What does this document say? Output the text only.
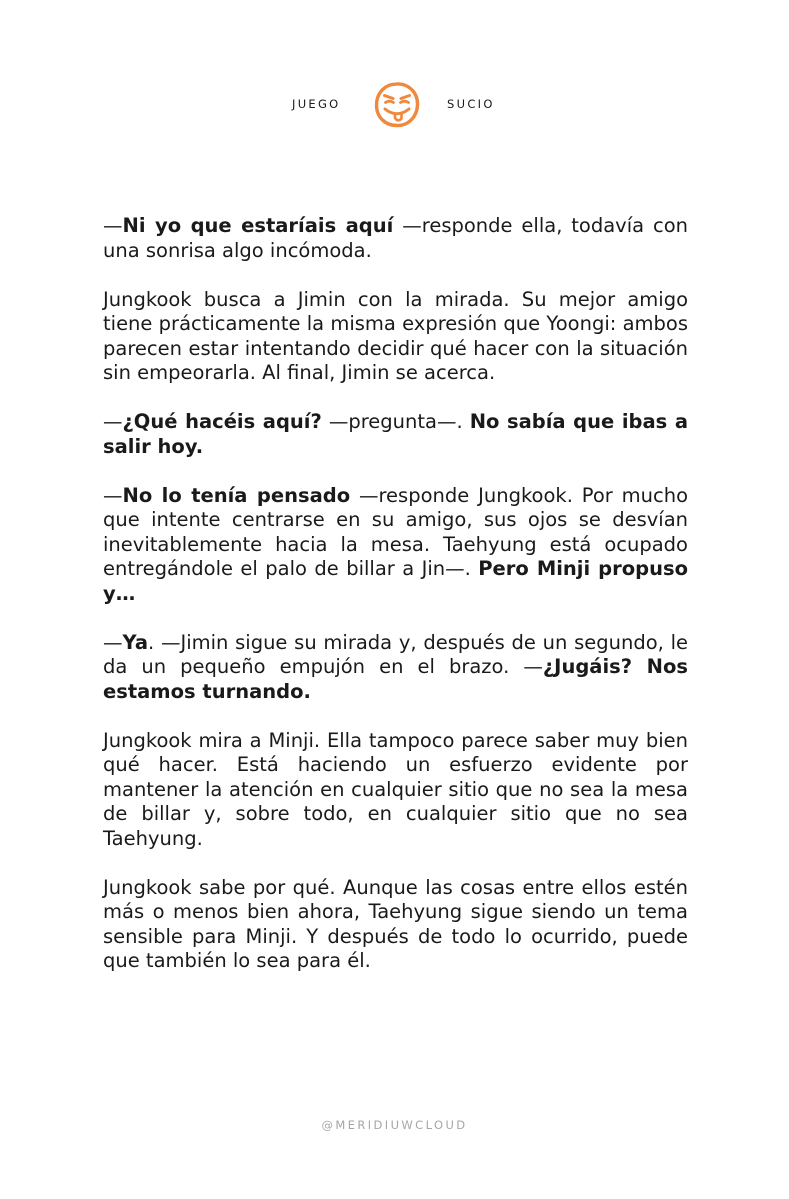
JUEGO	SUCIO

—Ni yo que estaríais aquí —responde ella, todavía con una sonrisa algo incómoda.

Jungkook busca a Jimin con la mirada. Su mejor amigo tiene prácticamente la misma expresión que Yoongi: ambos parecen estar intentando decidir qué hacer con la situación sin empeorarla. Al final, Jimin se acerca.

—¿Qué hacéis aquí? —pregunta—. No sabía que ibas a salir hoy.

—No lo tenía pensado —responde Jungkook. Por mucho que intente centrarse en su amigo, sus ojos se desvían inevitablemente hacia la mesa. Taehyung está ocupado entregándole el palo de billar a Jin—. Pero Minji propuso y…

—Ya. —Jimin sigue su mirada y, después de un segundo, le da un pequeño empujón en el brazo. —¿Jugáis? Nos estamos turnando.

Jungkook mira a Minji. Ella tampoco parece saber muy bien qué hacer. Está haciendo un esfuerzo evidente por mantener la atención en cualquier sitio que no sea la mesa de billar y, sobre todo, en cualquier sitio que no sea Taehyung.

Jungkook sabe por qué. Aunque las cosas entre ellos estén más o menos bien ahora, Taehyung sigue siendo un tema sensible para Minji. Y después de todo lo ocurrido, puede que también lo sea para él.

@MERIDIUWCLOUD
